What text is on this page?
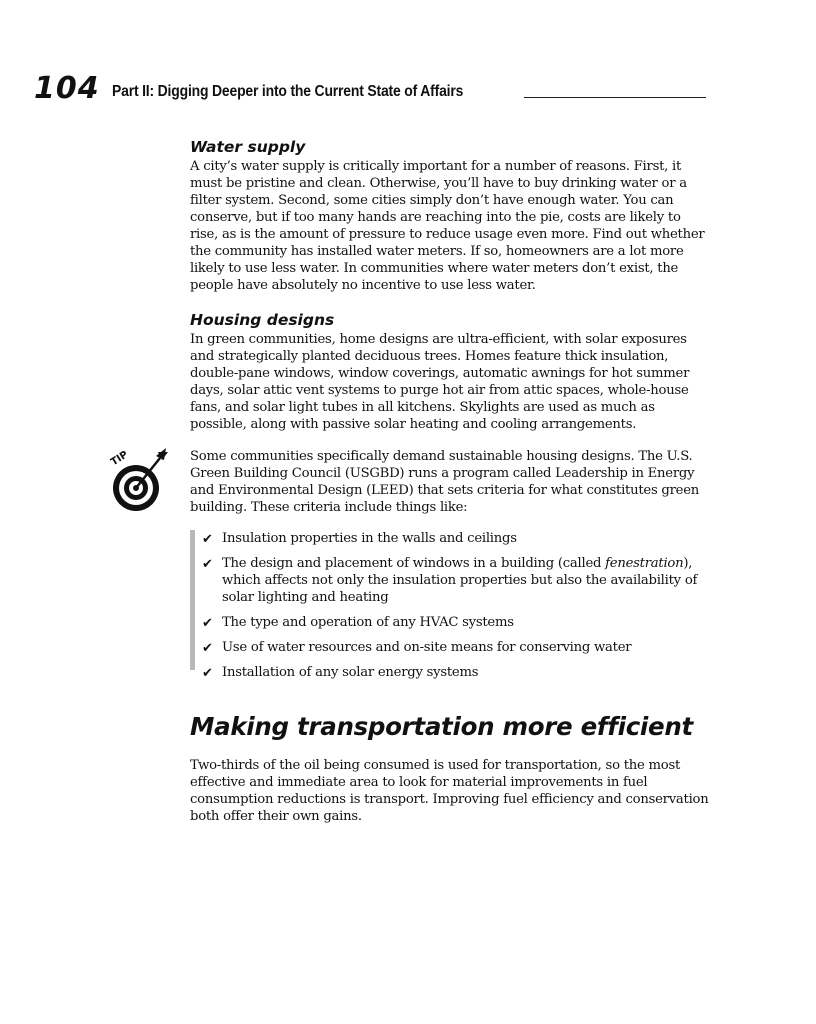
104 Part II: Digging Deeper into the Current State of Affairs
Water supply

A city’s water supply is critically important for a number of reasons. First, it must be pristine and clean. Otherwise, you’ll have to buy drinking water or a filter system. Second, some cities simply don’t have enough water. You can conserve, but if too many hands are reaching into the pie, costs are likely to rise, as is the amount of pressure to reduce usage even more. Find out whether the community has installed water meters. If so, homeowners are a lot more likely to use less water. In communities where water meters don’t exist, the people have absolutely no incentive to use less water.

Housing designs

In green communities, home designs are ultra-efficient, with solar exposures and strategically planted deciduous trees. Homes feature thick insulation, double-pane windows, window coverings, automatic awnings for hot summer days, solar attic vent systems to purge hot air from attic spaces, whole-house fans, and solar light tubes in all kitchens. Skylights are used as much as possible, along with passive solar heating and cooling arrangements.

TIP	Some communities specifically demand sustainable housing designs. The U.S. Green Building Council (USGBD) runs a program called Leadership in Energy and Environmental Design (LEED) that sets criteria for what constitutes green building. These criteria include things like:

✔ Insulation properties in the walls and ceilings
✔ The design and placement of windows in a building (called fenestration), which affects not only the insulation properties but also the availability of solar lighting and heating
✔ The type and operation of any HVAC systems
✔ Use of water resources and on-site means for conserving water
✔ Installation of any solar energy systems
Making transportation more efficient

Two-thirds of the oil being consumed is used for transportation, so the most effective and immediate area to look for material improvements in fuel consumption reductions is transport. Improving fuel efficiency and conservation both offer their own gains.
